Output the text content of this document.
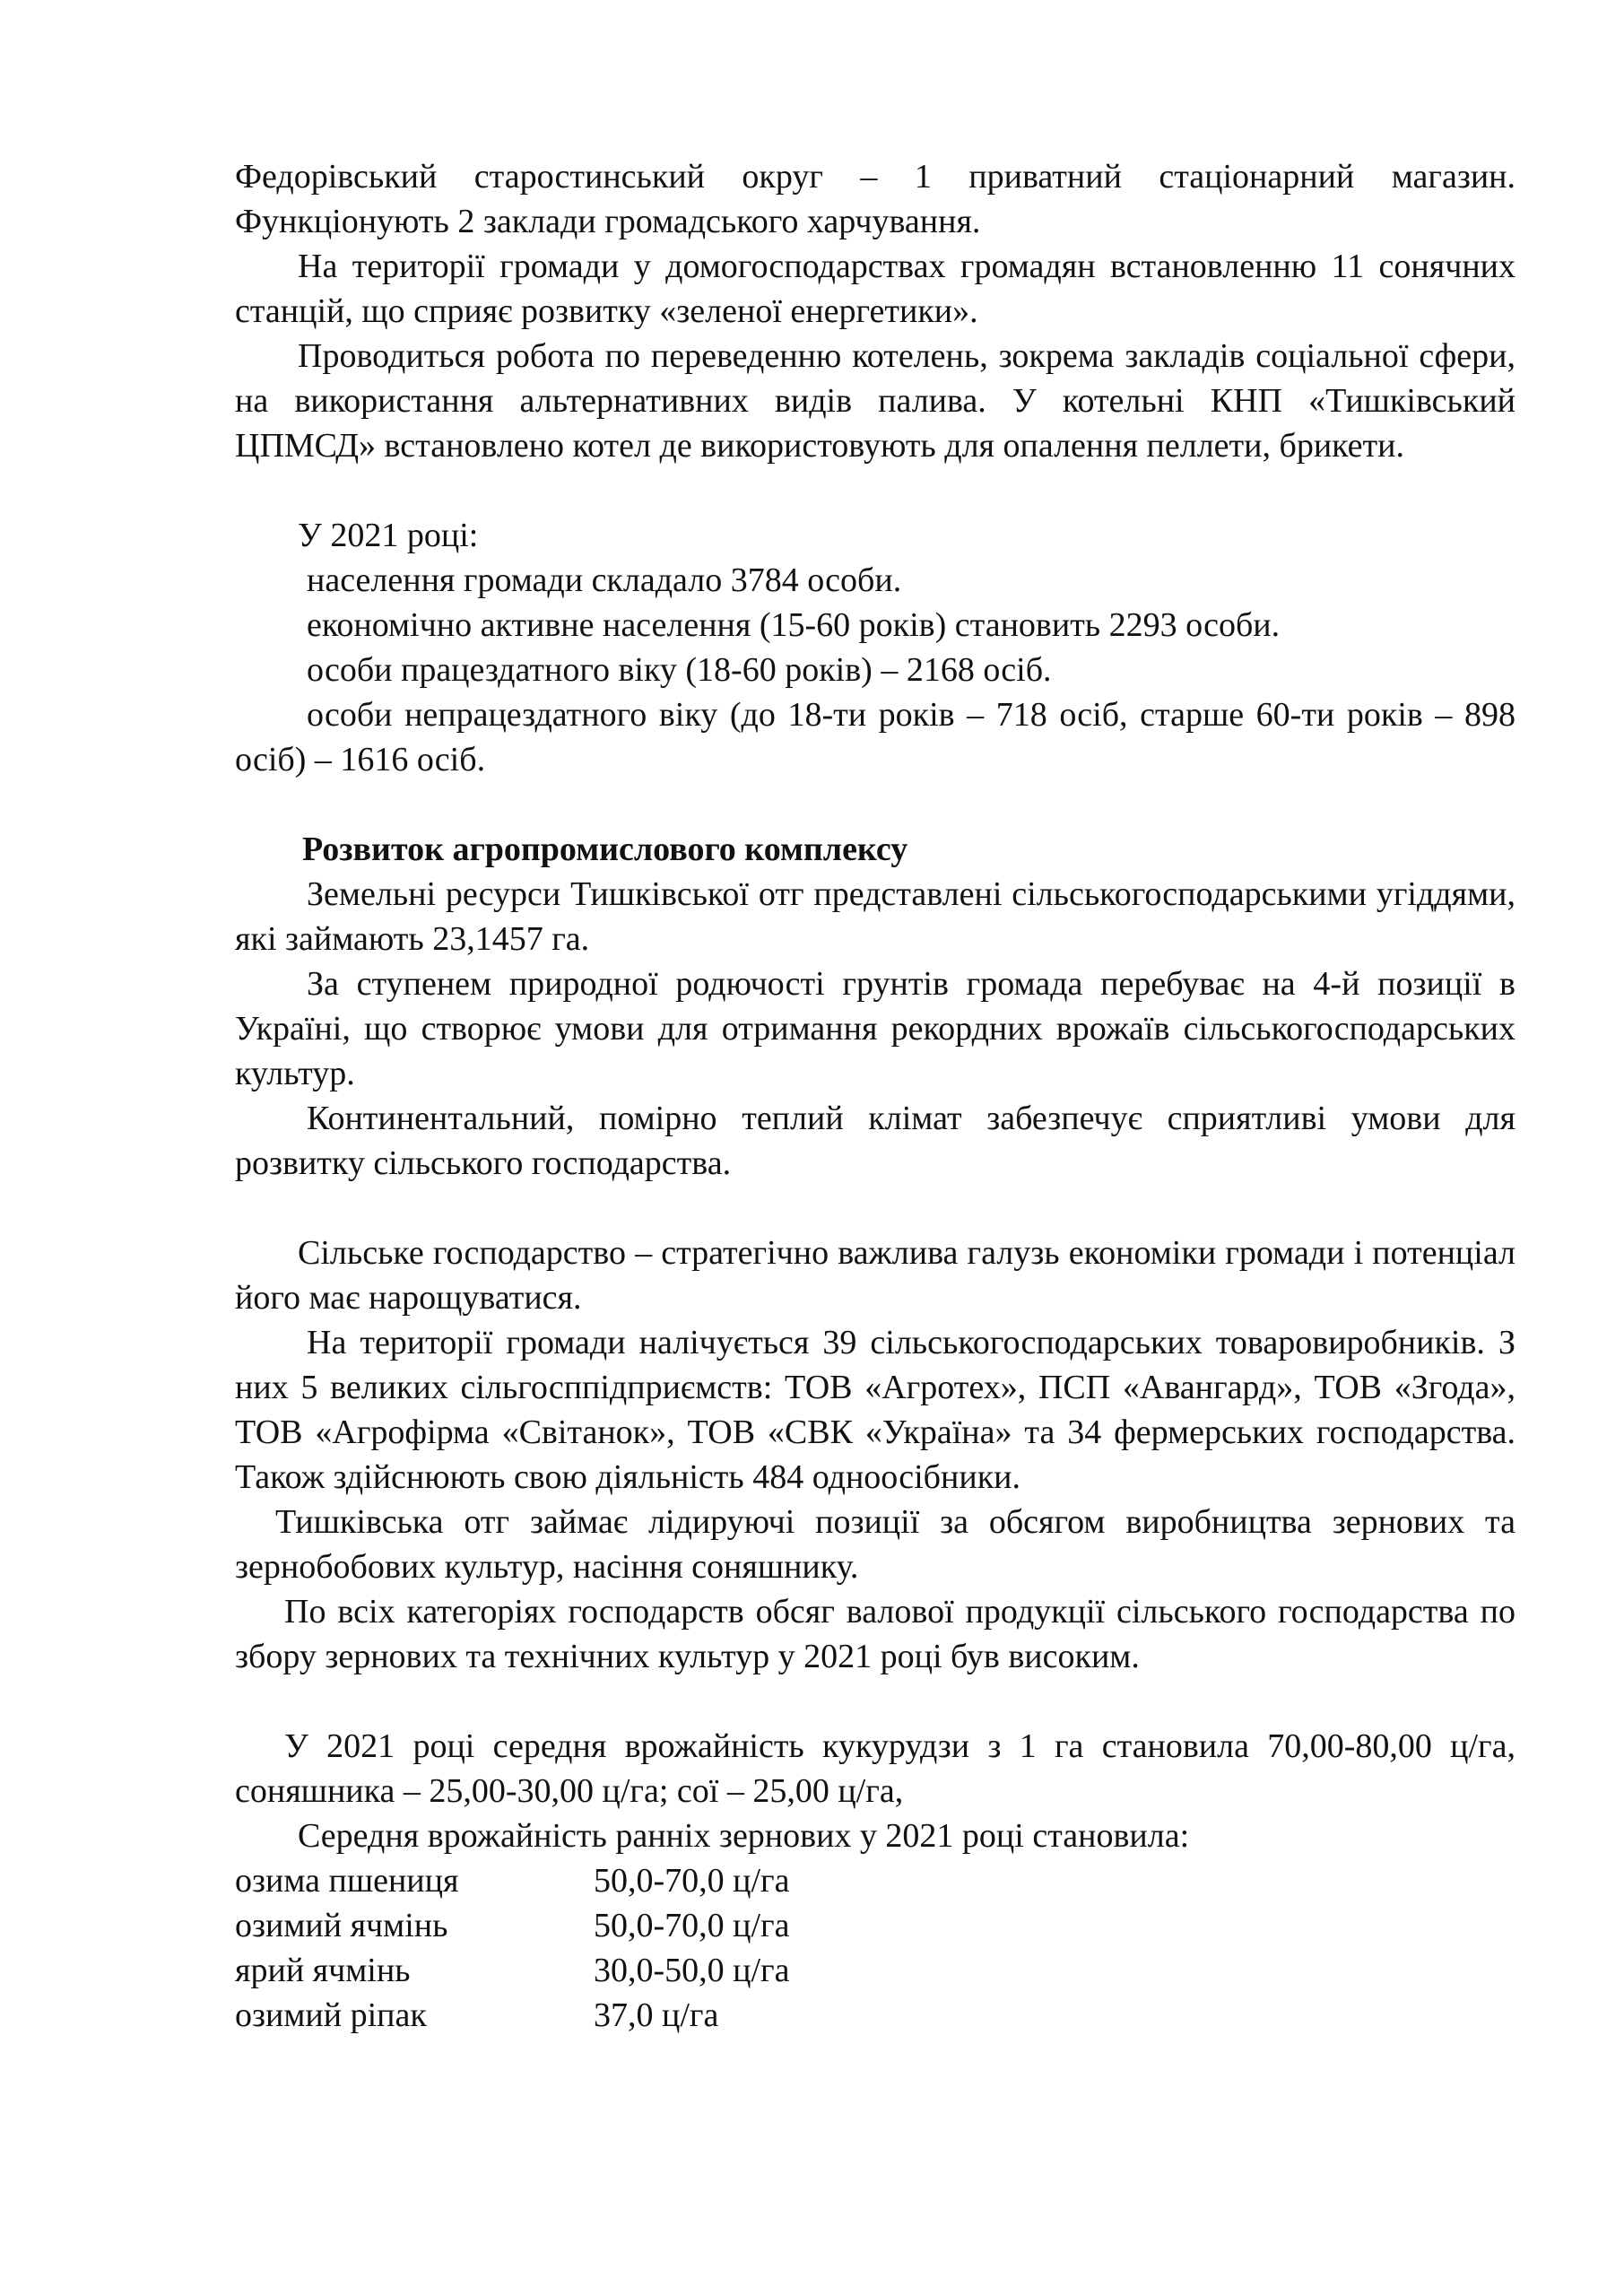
Федорівський старостинський округ – 1 приватний стаціонарний магазин. Функціонують 2 заклади громадського харчування.

На території громади у домогосподарствах громадян встановленню 11 сонячних станцій, що сприяє розвитку «зеленої енергетики».

Проводиться робота по переведенню котелень, зокрема закладів соціальної сфери, на використання альтернативних видів палива. У котельні КНП «Тишківський ЦПМСД» встановлено котел де використовують для опалення пеллети, брикети.

У 2021 році:

населення громади складало 3784 особи.

економічно активне населення (15-60 років) становить 2293 особи.

особи працездатного віку (18-60 років) – 2168 осіб.

особи непрацездатного віку (до 18-ти років – 718 осіб, старше 60-ти років – 898 осіб) – 1616 осіб.

Розвиток агропромислового комплексу

Земельні ресурси Тишківської отг представлені сільськогосподарськими угіддями, які займають 23,1457 га.

За ступенем природної родючості грунтів громада перебуває на 4-й позиції в Україні, що створює умови для отримання рекордних врожаїв сільськогосподарських культур.

Континентальний, помірно теплий клімат забезпечує сприятливі умови для розвитку сільського господарства.

Сільське господарство – стратегічно важлива галузь економіки громади і потенціал його має нарощуватися.

На території громади налічується 39 сільськогосподарських товаровиробників. З них 5 великих сільгосппідприємств: ТОВ «Агротех», ПСП «Авангард», ТОВ «Згода», ТОВ «Агрофірма «Світанок», ТОВ «СВК «Україна» та 34 фермерських господарства. Також здійснюють свою діяльність 484 одноосібники.

Тишківська отг займає лідируючі позиції за обсягом виробництва зернових та зернобобових культур, насіння соняшнику.

По всіх категоріях господарств обсяг валової продукції сільського господарства по збору зернових та технічних культур у 2021 році був високим.

У 2021 році середня врожайність кукурудзи з 1 га становила 70,00-80,00 ц/га, соняшника – 25,00-30,00 ц/га; сої – 25,00 ц/га,

Середня врожайність ранніх зернових у 2021 році становила:

озима пшениця	50,0-70,0 ц/га
озимий ячмінь	50,0-70,0 ц/га
ярий ячмінь	30,0-50,0 ц/га
озимий ріпак	37,0 ц/га
